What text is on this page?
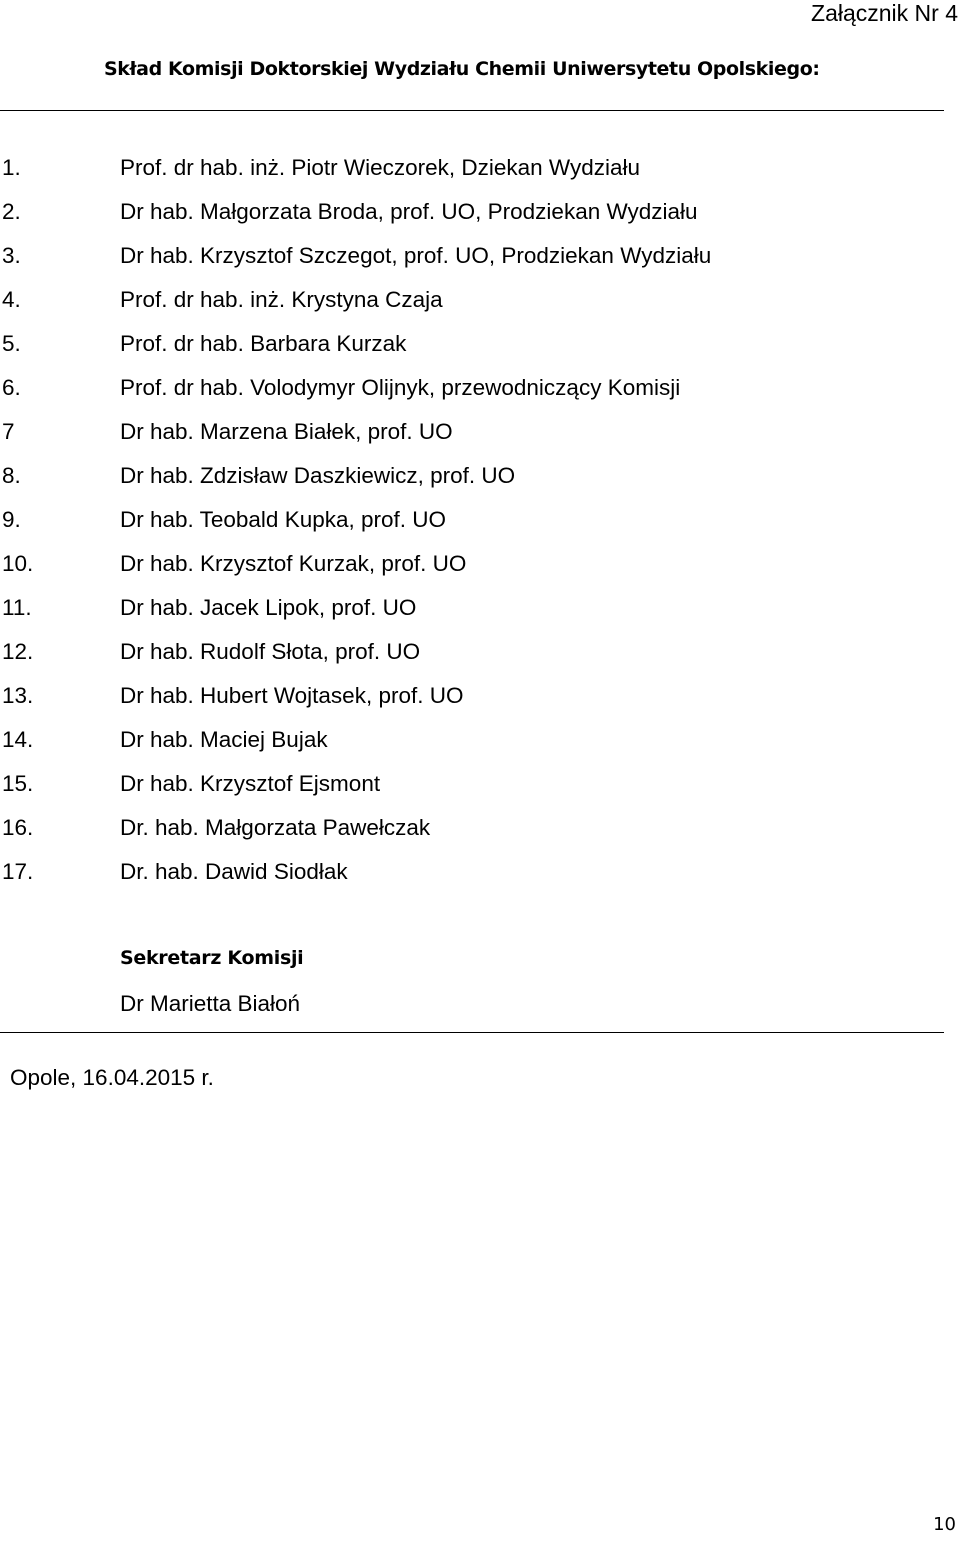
Załącznik Nr 4
Skład Komisji Doktorskiej Wydziału Chemii Uniwersytetu Opolskiego:
1.	Prof. dr hab. inż. Piotr Wieczorek, Dziekan Wydziału
2.	Dr hab. Małgorzata Broda, prof. UO, Prodziekan Wydziału
3.	Dr hab. Krzysztof Szczegot, prof. UO, Prodziekan Wydziału
4.	Prof. dr hab. inż. Krystyna Czaja
5.	Prof. dr hab. Barbara Kurzak
6.	Prof. dr hab. Volodymyr Olijnyk, przewodniczący Komisji
7	Dr hab. Marzena Białek, prof. UO
8.	Dr hab. Zdzisław Daszkiewicz, prof. UO
9.	Dr hab. Teobald Kupka, prof. UO
10.	Dr hab. Krzysztof Kurzak, prof. UO
11.	Dr hab. Jacek Lipok, prof. UO
12.	Dr hab. Rudolf Słota, prof. UO
13.	Dr hab. Hubert Wojtasek, prof. UO
14.	Dr hab. Maciej Bujak
15.	Dr hab. Krzysztof Ejsmont
16.	Dr. hab. Małgorzata Pawełczak
17.	Dr. hab. Dawid Siodłak
Sekretarz Komisji
Dr Marietta Białoń
Opole, 16.04.2015 r.
10
